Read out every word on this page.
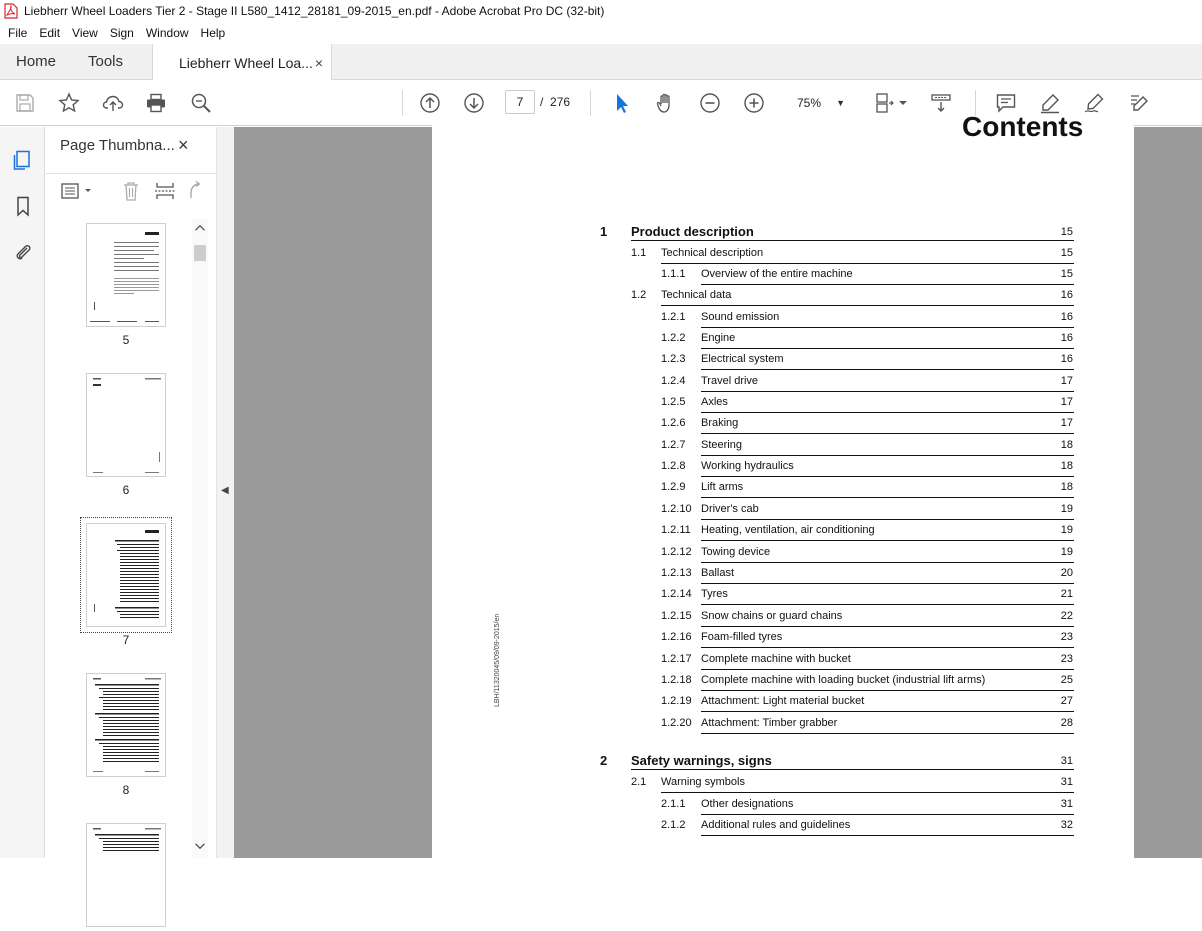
Liebherr Wheel Loaders Tier 2 - Stage II L580_1412_28181_09-2015_en.pdf - Adobe Acrobat Pro DC (32-bit)
File	Edit	View	Sign	Window	Help
Home Tools	Liebherr Wheel Loa... ×
7	/ 276	75% ▼
Page Thumbna... ×
5
6
7
8
◀
Contents
1 Product description	15
1.1 Technical description	15
1.1.1 Overview of the entire machine	15
1.2 Technical data	16
1.2.1 Sound emission	16
1.2.2 Engine	16
1.2.3 Electrical system	16
1.2.4 Travel drive	17
1.2.5 Axles	17
1.2.6 Braking	17
1.2.7 Steering	18
1.2.8 Working hydraulics	18
1.2.9 Lift arms	18
1.2.10 Driver's cab	19
1.2.11 Heating, ventilation, air conditioning	19
1.2.12 Towing device	19
1.2.13 Ballast	20
1.2.14 Tyres	21
1.2.15 Snow chains or guard chains	22
1.2.16 Foam-filled tyres	23
1.2.17 Complete machine with bucket	23
1.2.18 Complete machine with loading bucket (industrial lift arms)	25
1.2.19 Attachment: Light material bucket	27
1.2.20 Attachment: Timber grabber	28
2 Safety warnings, signs	31
2.1 Warning symbols	31
2.1.1 Other designations	31
2.1.2 Additional rules and guidelines	32
LBH/11320045/09/09-2015/en
